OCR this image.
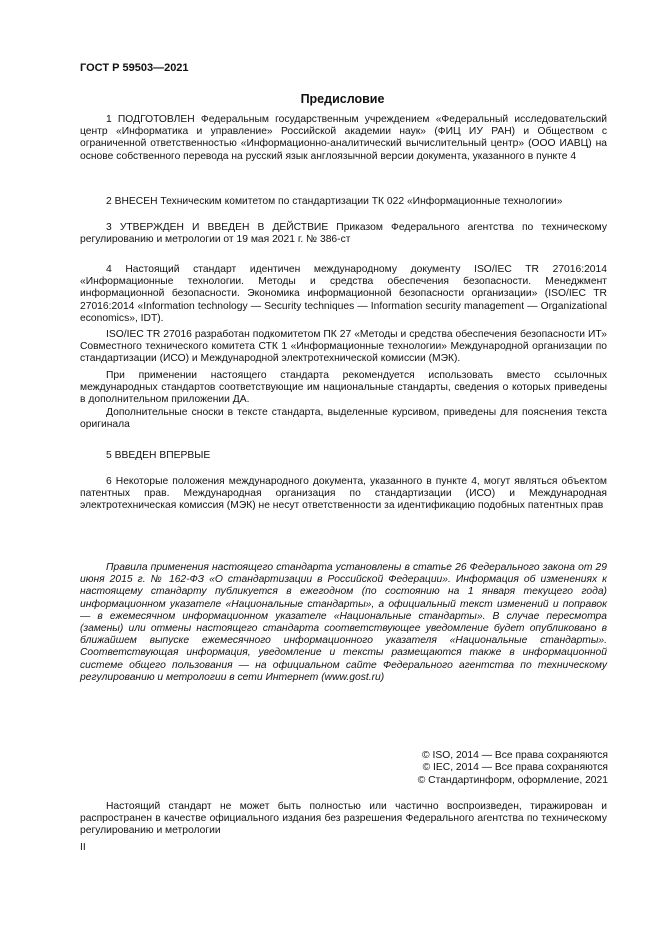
ГОСТ Р 59503—2021
Предисловие
1 ПОДГОТОВЛЕН Федеральным государственным учреждением «Федеральный исследовательский центр «Информатика и управление» Российской академии наук» (ФИЦ ИУ РАН) и Обществом с ограниченной ответственностью «Информационно-аналитический вычислительный центр» (ООО ИАВЦ) на основе собственного перевода на русский язык англоязычной версии документа, указанного в пункте 4
2 ВНЕСЕН Техническим комитетом по стандартизации ТК 022 «Информационные технологии»
3 УТВЕРЖДЕН И ВВЕДЕН В ДЕЙСТВИЕ Приказом Федерального агентства по техническому регулированию и метрологии от 19 мая 2021 г. № 386-ст
4 Настоящий стандарт идентичен международному документу ISO/IEC TR 27016:2014 «Информационные технологии. Методы и средства обеспечения безопасности. Менеджмент информационной безопасности. Экономика информационной безопасности организации» (ISO/IEC TR 27016:2014 «Information technology — Security techniques — Information security management — Organizational economics», IDT).
ISO/IEC TR 27016 разработан подкомитетом ПК 27 «Методы и средства обеспечения безопасности ИТ» Совместного технического комитета СТК 1 «Информационные технологии» Международной организации по стандартизации (ИСО) и Международной электротехнической комиссии (МЭК).
При применении настоящего стандарта рекомендуется использовать вместо ссылочных международных стандартов соответствующие им национальные стандарты, сведения о которых приведены в дополнительном приложении ДА.
Дополнительные сноски в тексте стандарта, выделенные курсивом, приведены для пояснения текста оригинала
5 ВВЕДЕН ВПЕРВЫЕ
6 Некоторые положения международного документа, указанного в пункте 4, могут являться объектом патентных прав. Международная организация по стандартизации (ИСО) и Международная электротехническая комиссия (МЭК) не несут ответственности за идентификацию подобных патентных прав
Правила применения настоящего стандарта установлены в статье 26 Федерального закона от 29 июня 2015 г. № 162-ФЗ «О стандартизации в Российской Федерации». Информация об изменениях к настоящему стандарту публикуется в ежегодном (по состоянию на 1 января текущего года) информационном указателе «Национальные стандарты», а официальный текст изменений и поправок — в ежемесячном информационном указателе «Национальные стандарты». В случае пересмотра (замены) или отмены настоящего стандарта соответствующее уведомление будет опубликовано в ближайшем выпуске ежемесячного информационного указателя «Национальные стандарты». Соответствующая информация, уведомление и тексты размещаются также в информационной системе общего пользования — на официальном сайте Федерального агентства по техническому регулированию и метрологии в сети Интернет (www.gost.ru)
© ISO, 2014 — Все права сохраняются
© IEC, 2014 — Все права сохраняются
© Стандартинформ, оформление, 2021
Настоящий стандарт не может быть полностью или частично воспроизведен, тиражирован и распространен в качестве официального издания без разрешения Федерального агентства по техническому регулированию и метрологии
II
